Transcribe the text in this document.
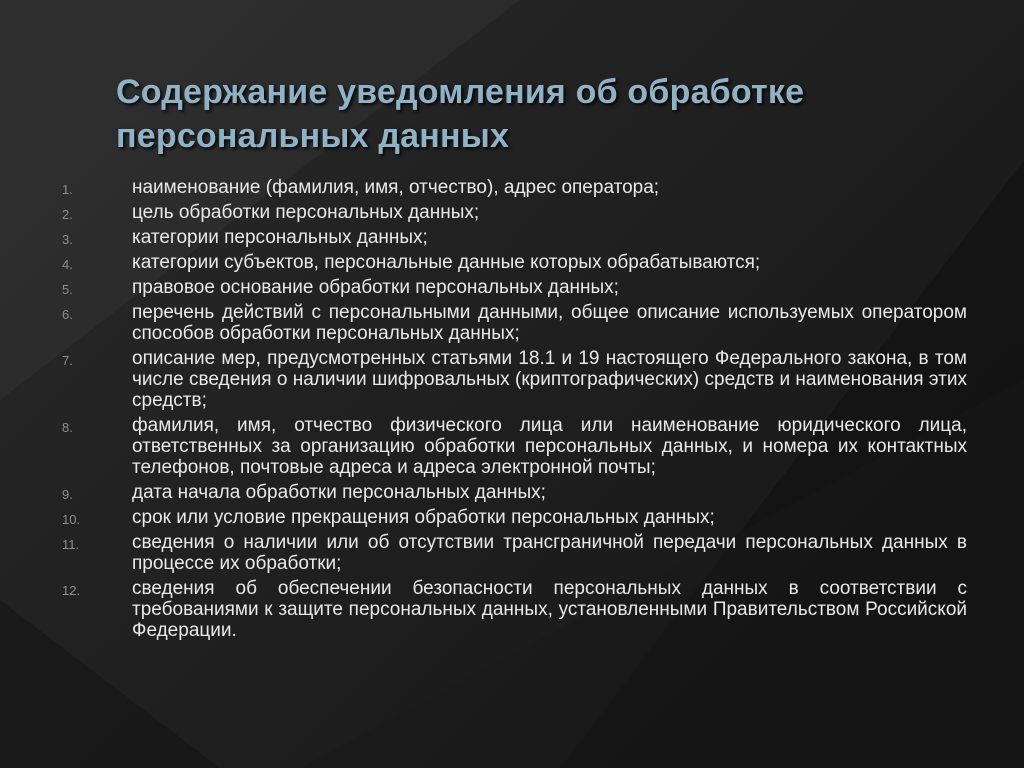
Содержание уведомления об обработке персональных данных
1.	наименование (фамилия, имя, отчество), адрес оператора;
2.	цель обработки персональных данных;
3.	категории персональных данных;
4.	категории субъектов, персональные данные которых обрабатываются;
5.	правовое основание обработки персональных данных;
6.	перечень действий с персональными данными, общее описание используемых оператором способов обработки персональных данных;
7.	описание мер, предусмотренных статьями 18.1 и 19 настоящего Федерального закона, в том числе сведения о наличии шифровальных (криптографических) средств и наименования этих средств;
8.	фамилия, имя, отчество физического лица или наименование юридического лица, ответственных за организацию обработки персональных данных, и номера их контактных телефонов, почтовые адреса и адреса электронной почты;
9.	дата начала обработки персональных данных;
10.	срок или условие прекращения обработки персональных данных;
11.	сведения о наличии или об отсутствии трансграничной передачи персональных данных в процессе их обработки;
12.	сведения об обеспечении безопасности персональных данных в соответствии с требованиями к защите персональных данных, установленными Правительством Российской Федерации.
